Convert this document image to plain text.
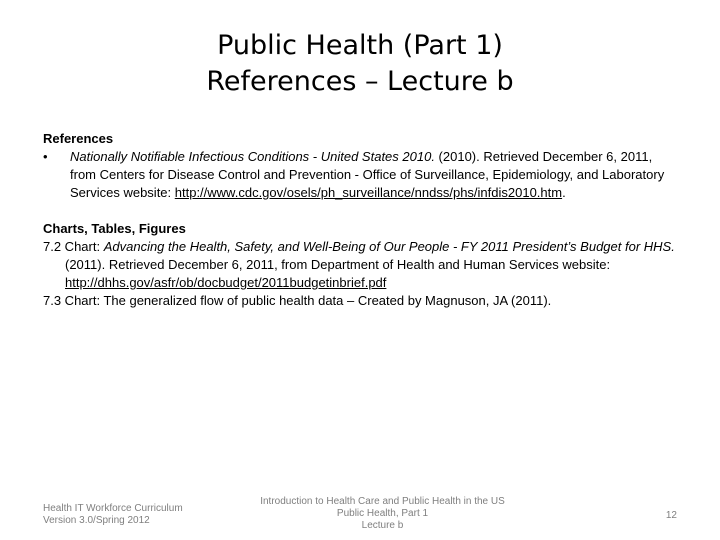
Public Health (Part 1)
References – Lecture b
References
• Nationally Notifiable Infectious Conditions - United States 2010. (2010). Retrieved December 6, 2011, from Centers for Disease Control and Prevention - Office of Surveillance, Epidemiology, and Laboratory Services website: http://www.cdc.gov/osels/ph_surveillance/nndss/phs/infdis2010.htm.
Charts, Tables, Figures
7.2 Chart: Advancing the Health, Safety, and Well-Being of Our People - FY 2011 President’s Budget for HHS. (2011). Retrieved December 6, 2011, from Department of Health and Human Services website: http://dhhs.gov/asfr/ob/docbudget/2011budgetinbrief.pdf
7.3 Chart: The generalized flow of public health data – Created by Magnuson, JA (2011).
Health IT Workforce Curriculum
Version 3.0/Spring 2012
Introduction to Health Care and Public Health in the US
Public Health, Part 1
Lecture b
12
